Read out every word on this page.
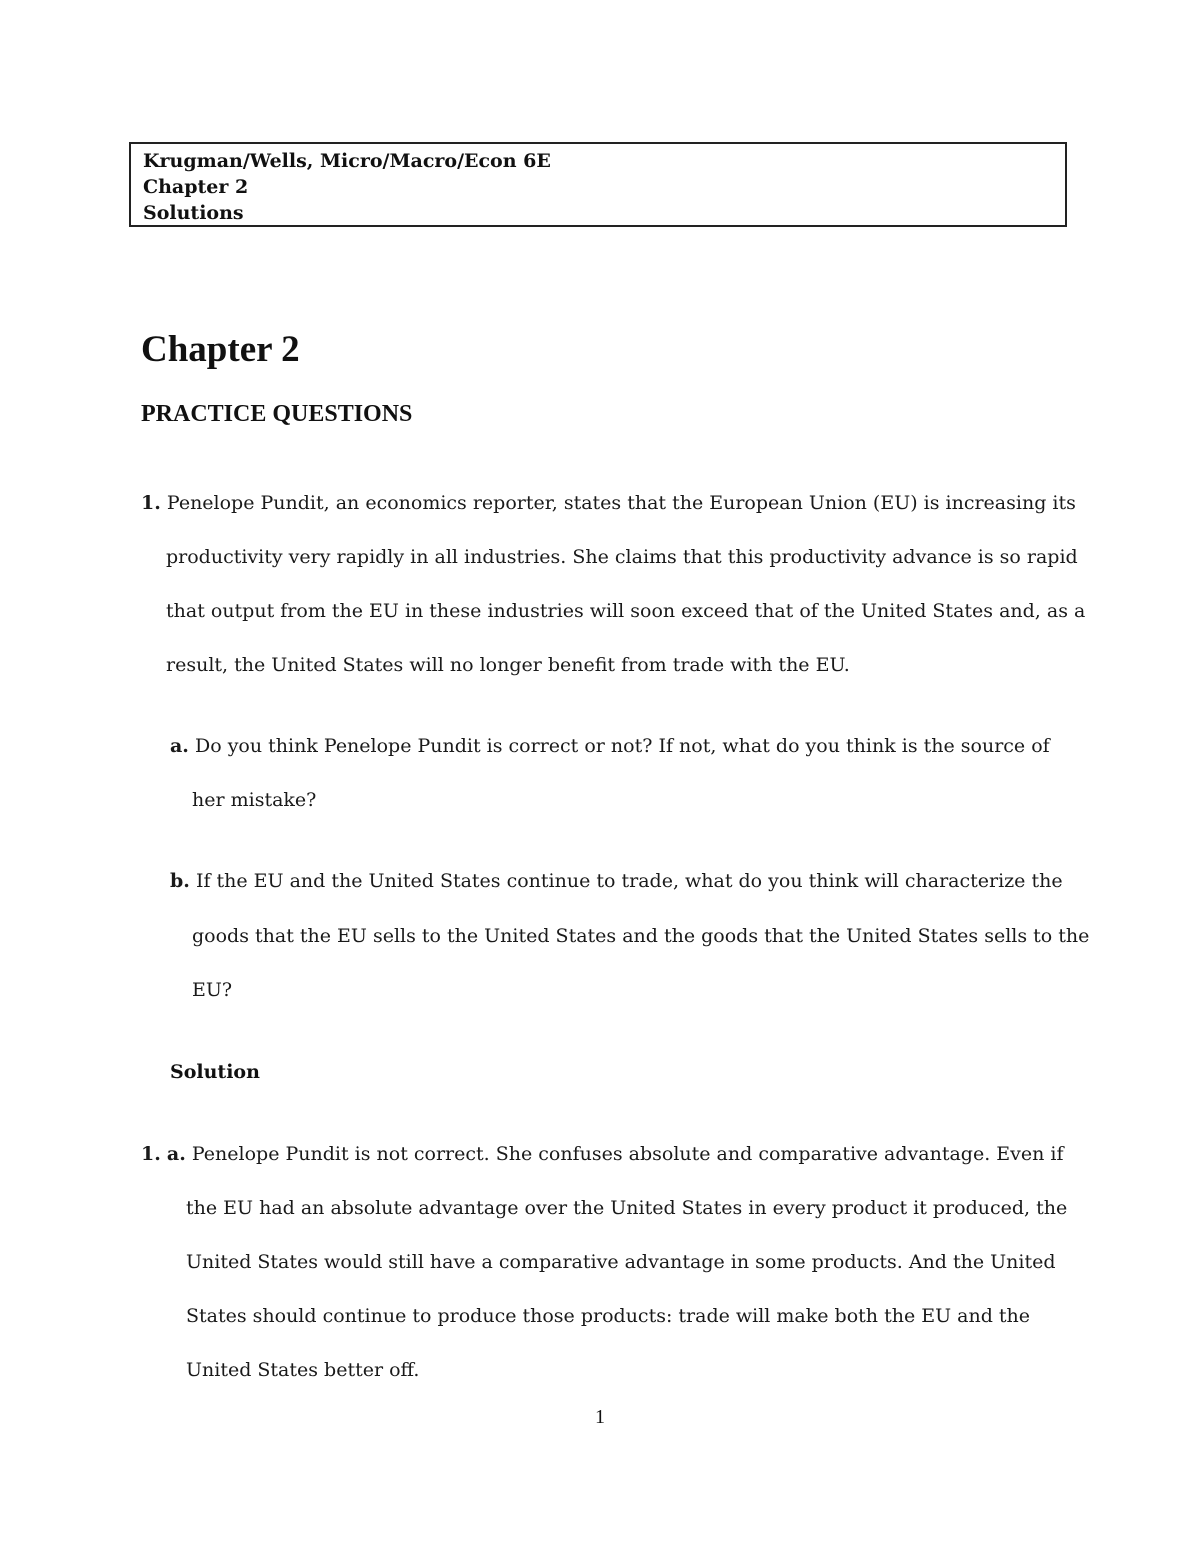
Krugman/Wells, Micro/Macro/Econ 6E
Chapter 2
Solutions
Chapter 2
PRACTICE QUESTIONS
1. Penelope Pundit, an economics reporter, states that the European Union (EU) is increasing its
productivity very rapidly in all industries. She claims that this productivity advance is so rapid
that output from the EU in these industries will soon exceed that of the United States and, as a
result, the United States will no longer benefit from trade with the EU.
a. Do you think Penelope Pundit is correct or not? If not, what do you think is the source of
her mistake?
b. If the EU and the United States continue to trade, what do you think will characterize the
goods that the EU sells to the United States and the goods that the United States sells to the
EU?
Solution
1. a. Penelope Pundit is not correct. She confuses absolute and comparative advantage. Even if
the EU had an absolute advantage over the United States in every product it produced, the
United States would still have a comparative advantage in some products. And the United
States should continue to produce those products: trade will make both the EU and the
United States better off.
1
